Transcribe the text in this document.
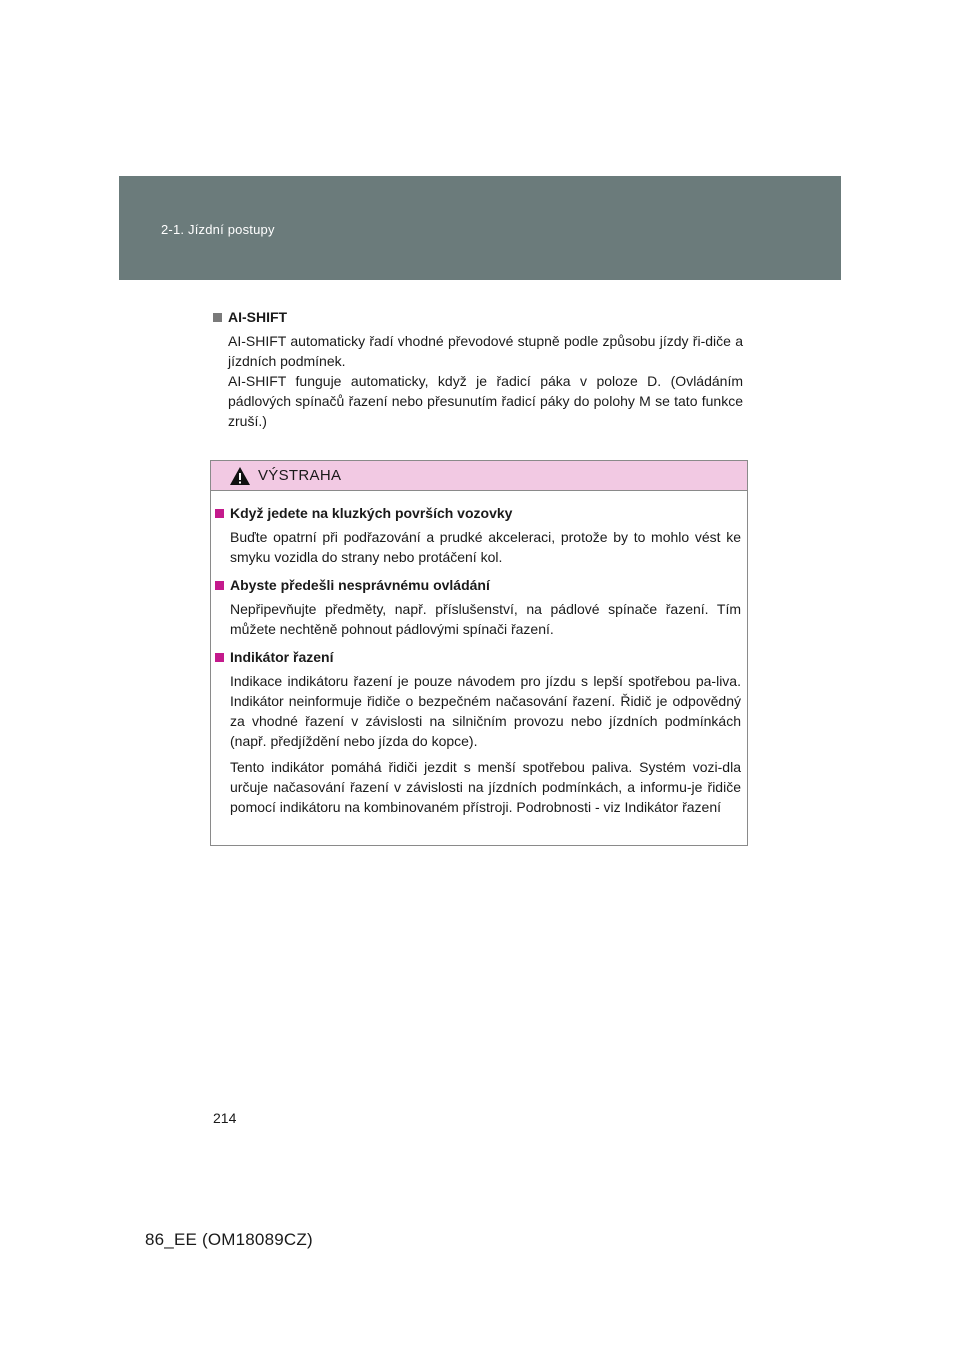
2-1. Jízdní postupy
AI-SHIFT

AI-SHIFT automaticky řadí vhodné převodové stupně podle způsobu jízdy ři-diče a jízdních podmínek.

AI-SHIFT funguje automaticky, když je řadicí páka v poloze D. (Ovládáním pádlových spínačů řazení nebo přesunutím řadicí páky do polohy M se tato funkce zruší.)

VÝSTRAHA
Když jedete na kluzkých površích vozovky

Buďte opatrní při podřazování a prudké akceleraci, protože by to mohlo vést ke smyku vozidla do strany nebo protáčení kol.

Abyste předešli nesprávnému ovládání

Nepřipevňujte předměty, např. příslušenství, na pádlové spínače řazení. Tím můžete nechtěně pohnout pádlovými spínači řazení.

Indikátor řazení

Indikace indikátoru řazení je pouze návodem pro jízdu s lepší spotřebou pa-liva. Indikátor neinformuje řidiče o bezpečném načasování řazení. Řidič je odpovědný za vhodné řazení v závislosti na silničním provozu nebo jízdních podmínkách (např. předjíždění nebo jízda do kopce).

Tento indikátor pomáhá řidiči jezdit s menší spotřebou paliva. Systém vozi-dla určuje načasování řazení v závislosti na jízdních podmínkách, a informu-je řidiče pomocí indikátoru na kombinovaném přístroji. Podrobnosti - viz Indikátor řazení

214
86_EE (OM18089CZ)
